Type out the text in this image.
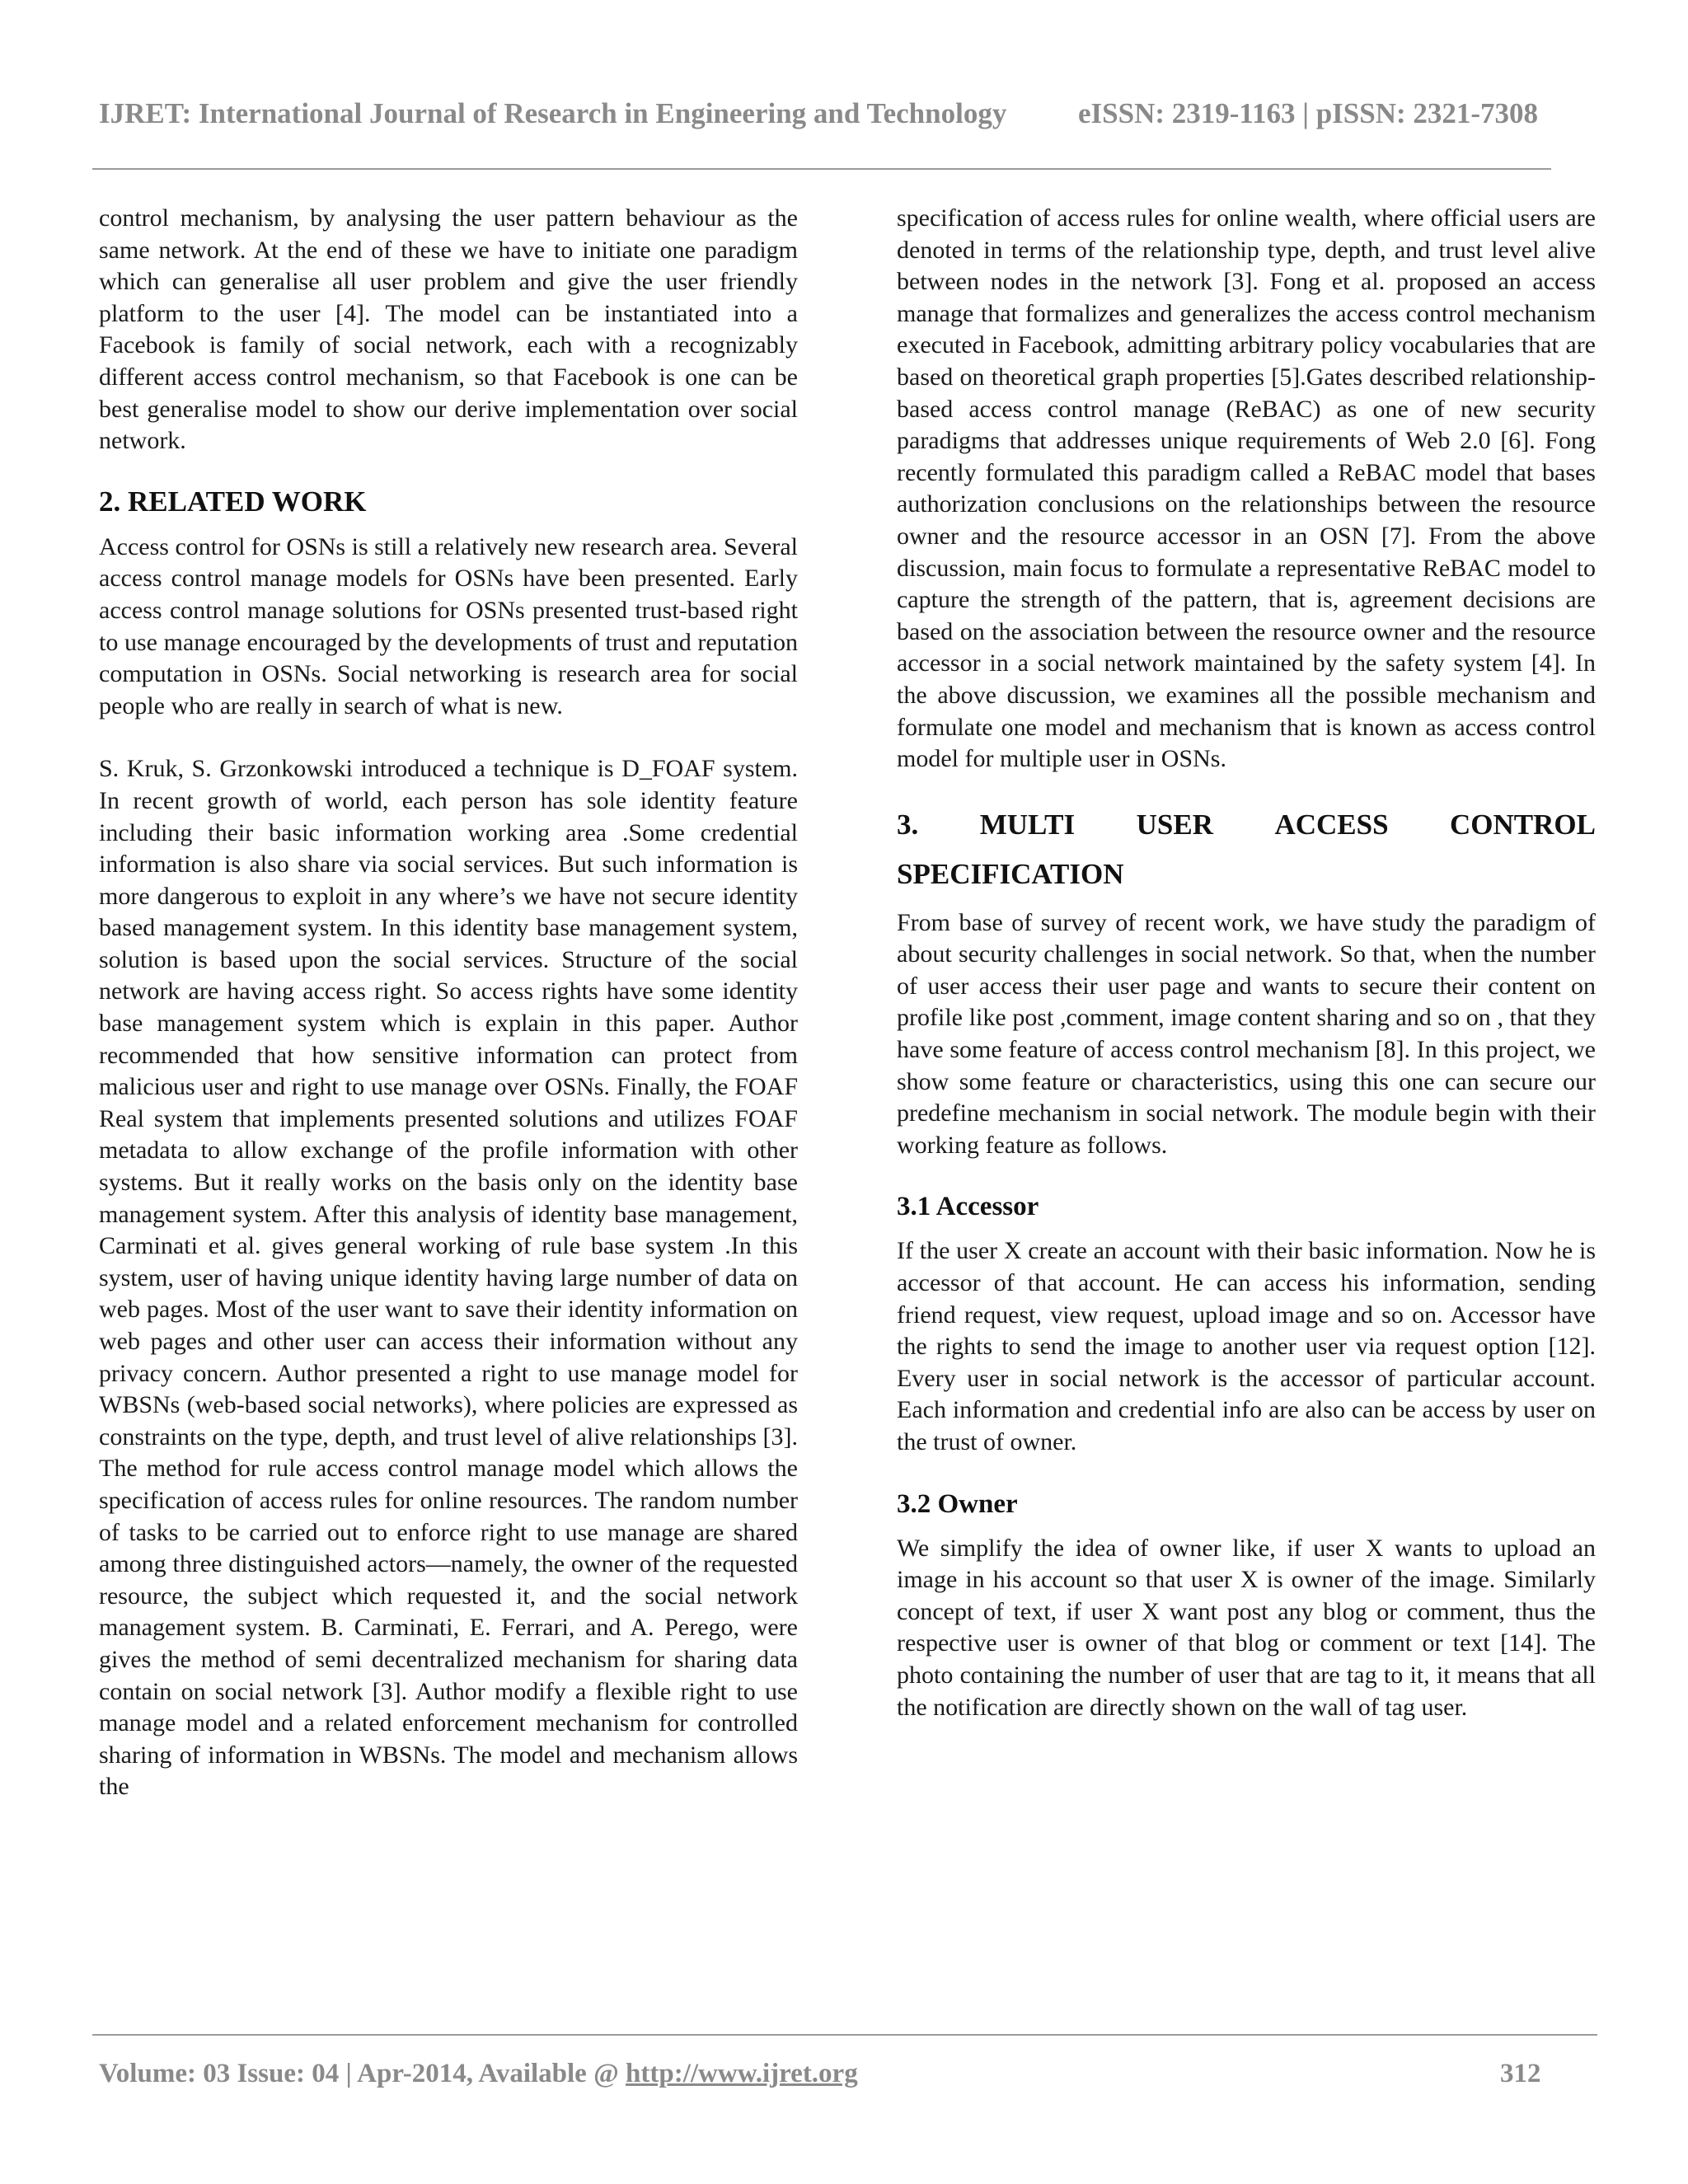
IJRET: International Journal of Research in Engineering and Technology eISSN: 2319-1163 | pISSN: 2321-7308

control mechanism, by analysing the user pattern behaviour as the same network. At the end of these we have to initiate one paradigm which can generalise all user problem and give the user friendly platform to the user [4]. The model can be instantiated into a Facebook is family of social network, each with a recognizably different access control mechanism, so that Facebook is one can be best generalise model to show our derive implementation over social network.

2. RELATED WORK

Access control for OSNs is still a relatively new research area. Several access control manage models for OSNs have been presented. Early access control manage solutions for OSNs presented trust-based right to use manage encouraged by the developments of trust and reputation computation in OSNs. Social networking is research area for social people who are really in search of what is new.

S. Kruk, S. Grzonkowski introduced a technique is D_FOAF system. In recent growth of world, each person has sole identity feature including their basic information working area .Some credential information is also share via social services. But such information is more dangerous to exploit in any where’s we have not secure identity based management system. In this identity base management system, solution is based upon the social services. Structure of the social network are having access right. So access rights have some identity base management system which is explain in this paper. Author recommended that how sensitive information can protect from malicious user and right to use manage over OSNs. Finally, the FOAF Real system that implements presented solutions and utilizes FOAF metadata to allow exchange of the profile information with other systems. But it really works on the basis only on the identity base management system. After this analysis of identity base management, Carminati et al. gives general working of rule base system .In this system, user of having unique identity having large number of data on web pages. Most of the user want to save their identity information on web pages and other user can access their information without any privacy concern. Author presented a right to use manage model for WBSNs (web-based social networks), where policies are expressed as constraints on the type, depth, and trust level of alive relationships [3]. The method for rule access control manage model which allows the specification of access rules for online resources. The random number of tasks to be carried out to enforce right to use manage are shared among three distinguished actors—namely, the owner of the requested resource, the subject which requested it, and the social network management system. B. Carminati, E. Ferrari, and A. Perego, were gives the method of semi decentralized mechanism for sharing data contain on social network [3]. Author modify a flexible right to use manage model and a related enforcement mechanism for controlled sharing of information in WBSNs. The model and mechanism allows the

specification of access rules for online wealth, where official users are denoted in terms of the relationship type, depth, and trust level alive between nodes in the network [3]. Fong et al. proposed an access manage that formalizes and generalizes the access control mechanism executed in Facebook, admitting arbitrary policy vocabularies that are based on theoretical graph properties [5].Gates described relationship-based access control manage (ReBAC) as one of new security paradigms that addresses unique requirements of Web 2.0 [6]. Fong recently formulated this paradigm called a ReBAC model that bases authorization conclusions on the relationships between the resource owner and the resource accessor in an OSN [7]. From the above discussion, main focus to formulate a representative ReBAC model to capture the strength of the pattern, that is, agreement decisions are based on the association between the resource owner and the resource accessor in a social network maintained by the safety system [4]. In the above discussion, we examines all the possible mechanism and formulate one model and mechanism that is known as access control model for multiple user in OSNs.

3. MULTI USER ACCESS CONTROL
SPECIFICATION

From base of survey of recent work, we have study the paradigm of about security challenges in social network. So that, when the number of user access their user page and wants to secure their content on profile like post ,comment, image content sharing and so on , that they have some feature of access control mechanism [8]. In this project, we show some feature or characteristics, using this one can secure our predefine mechanism in social network. The module begin with their working feature as follows.

3.1 Accessor

If the user X create an account with their basic information. Now he is accessor of that account. He can access his information, sending friend request, view request, upload image and so on. Accessor have the rights to send the image to another user via request option [12]. Every user in social network is the accessor of particular account. Each information and credential info are also can be access by user on the trust of owner.

3.2 Owner

We simplify the idea of owner like, if user X wants to upload an image in his account so that user X is owner of the image. Similarly concept of text, if user X want post any blog or comment, thus the respective user is owner of that blog or comment or text [14]. The photo containing the number of user that are tag to it, it means that all the notification are directly shown on the wall of tag user.

Volume: 03 Issue: 04 | Apr-2014, Available @ http://www.ijret.org	312
